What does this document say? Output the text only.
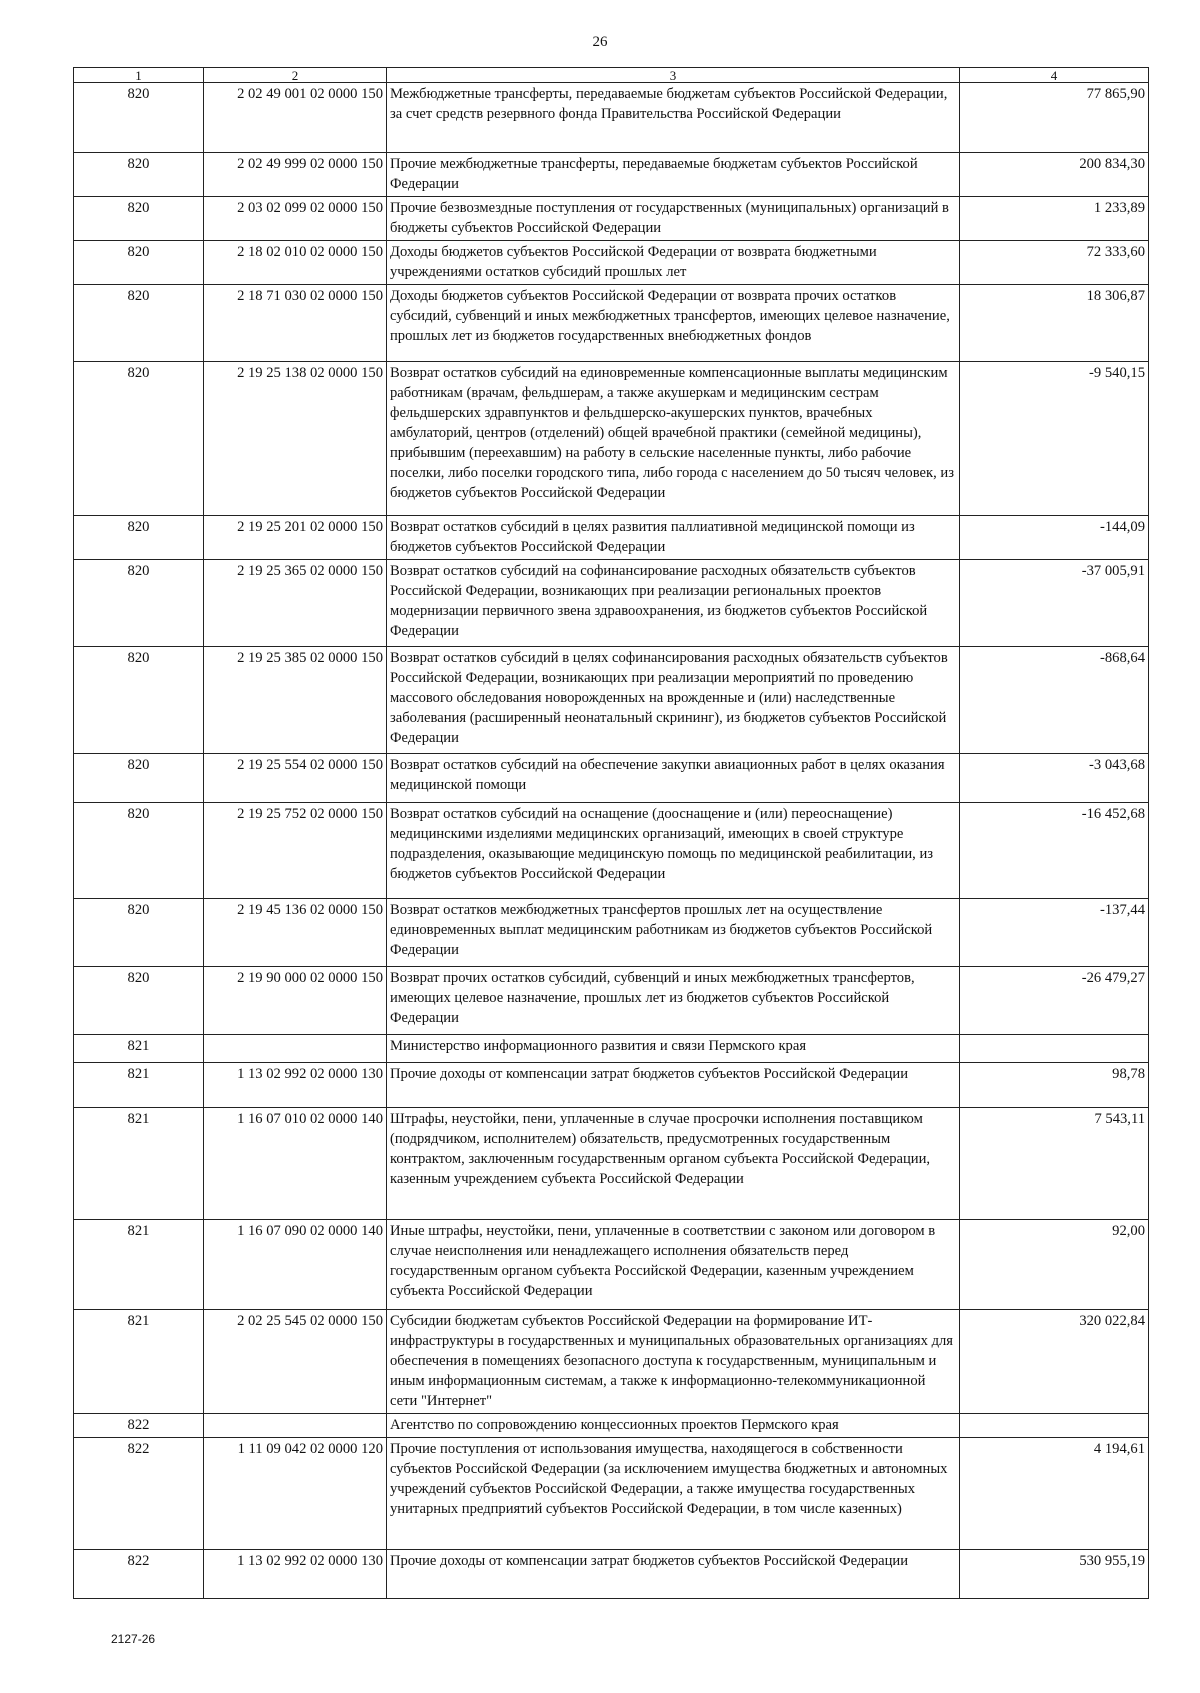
26
1	2	3	4
820	2 02 49 001 02 0000 150	Межбюджетные трансферты, передаваемые бюджетам субъектов Российской Федерации, за счет средств резервного фонда Правительства Российской Федерации	77 865,90
820	2 02 49 999 02 0000 150	Прочие межбюджетные трансферты, передаваемые бюджетам субъектов Российской Федерации	200 834,30
820	2 03 02 099 02 0000 150	Прочие безвозмездные поступления от государственных (муниципальных) организаций в бюджеты субъектов Российской Федерации	1 233,89
820	2 18 02 010 02 0000 150	Доходы бюджетов субъектов Российской Федерации от возврата бюджетными учреждениями остатков субсидий прошлых лет	72 333,60
820	2 18 71 030 02 0000 150	Доходы бюджетов субъектов Российской Федерации от возврата прочих остатков субсидий, субвенций и иных межбюджетных трансфертов, имеющих целевое назначение, прошлых лет из бюджетов государственных внебюджетных фондов	18 306,87
820	2 19 25 138 02 0000 150	Возврат остатков субсидий на единовременные компенсационные выплаты медицинским работникам (врачам, фельдшерам, а также акушеркам и медицинским сестрам фельдшерских здравпунктов и фельдшерско-акушерских пунктов, врачебных амбулаторий, центров (отделений) общей врачебной практики (семейной медицины), прибывшим (переехавшим) на работу в сельские населенные пункты, либо рабочие поселки, либо поселки городского типа, либо города с населением до 50 тысяч человек, из бюджетов субъектов Российской Федерации	-9 540,15
820	2 19 25 201 02 0000 150	Возврат остатков субсидий в целях развития паллиативной медицинской помощи из бюджетов субъектов Российской Федерации	-144,09
820	2 19 25 365 02 0000 150	Возврат остатков субсидий на софинансирование расходных обязательств субъектов Российской Федерации, возникающих при реализации региональных проектов модернизации первичного звена здравоохранения, из бюджетов субъектов Российской Федерации	-37 005,91
820	2 19 25 385 02 0000 150	Возврат остатков субсидий в целях софинансирования расходных обязательств субъектов Российской Федерации, возникающих при реализации мероприятий по проведению массового обследования новорожденных на врожденные и (или) наследственные заболевания (расширенный неонатальный скрининг), из бюджетов субъектов Российской Федерации	-868,64
820	2 19 25 554 02 0000 150	Возврат остатков субсидий на обеспечение закупки авиационных работ в целях оказания медицинской помощи	-3 043,68
820	2 19 25 752 02 0000 150	Возврат остатков субсидий на оснащение (дооснащение и (или) переоснащение) медицинскими изделиями медицинских организаций, имеющих в своей структуре подразделения, оказывающие медицинскую помощь по медицинской реабилитации, из бюджетов субъектов Российской Федерации	-16 452,68
820	2 19 45 136 02 0000 150	Возврат остатков межбюджетных трансфертов прошлых лет на осуществление единовременных выплат медицинским работникам из бюджетов субъектов Российской Федерации	-137,44
820	2 19 90 000 02 0000 150	Возврат прочих остатков субсидий, субвенций и иных межбюджетных трансфертов, имеющих целевое назначение, прошлых лет из бюджетов субъектов Российской Федерации	-26 479,27
821		Министерство информационного развития и связи Пермского края	
821	1 13 02 992 02 0000 130	Прочие доходы от компенсации затрат бюджетов субъектов Российской Федерации	98,78
821	1 16 07 010 02 0000 140	Штрафы, неустойки, пени, уплаченные в случае просрочки исполнения поставщиком (подрядчиком, исполнителем) обязательств, предусмотренных государственным контрактом, заключенным государственным органом субъекта Российской Федерации, казенным учреждением субъекта Российской Федерации	7 543,11
821	1 16 07 090 02 0000 140	Иные штрафы, неустойки, пени, уплаченные в соответствии с законом или договором в случае неисполнения или ненадлежащего исполнения обязательств перед государственным органом субъекта Российской Федерации, казенным учреждением субъекта Российской Федерации	92,00
821	2 02 25 545 02 0000 150	Субсидии бюджетам субъектов Российской Федерации на формирование ИТ-инфраструктуры в государственных и муниципальных образовательных организациях для обеспечения в помещениях безопасного доступа к государственным, муниципальным и иным информационным системам, а также к информационно-телекоммуникационной сети "Интернет"	320 022,84
822		Агентство по сопровождению концессионных проектов Пермского края	
822	1 11 09 042 02 0000 120	Прочие поступления от использования имущества, находящегося в собственности субъектов Российской Федерации (за исключением имущества бюджетных и автономных учреждений субъектов Российской Федерации, а также имущества государственных унитарных предприятий субъектов Российской Федерации, в том числе казенных)	4 194,61
822	1 13 02 992 02 0000 130	Прочие доходы от компенсации затрат бюджетов субъектов Российской Федерации	530 955,19
2127-26
